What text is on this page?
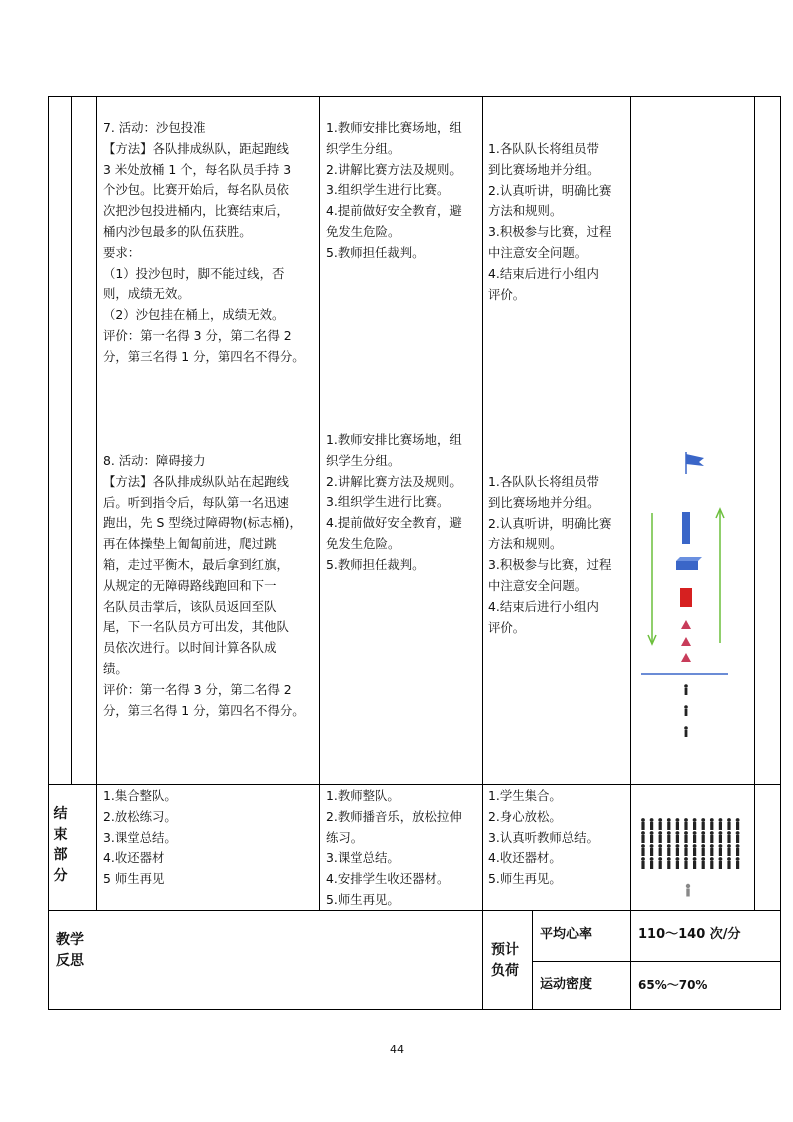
7. 活动：沙包投准
【方法】各队排成纵队，距起跑线
3 米处放桶 1 个，每名队员手持 3
个沙包。比赛开始后，每名队员依
次把沙包投进桶内，比赛结束后，
桶内沙包最多的队伍获胜。
要求：
（1）投沙包时，脚不能过线，否
则，成绩无效。
（2）沙包挂在桶上，成绩无效。
评价：第一名得 3 分，第二名得 2
分，第三名得 1 分，第四名不得分。
1.教师安排比赛场地，组
织学生分组。
2.讲解比赛方法及规则。
3.组织学生进行比赛。
4.提前做好安全教育，避
免发生危险。
5.教师担任裁判。
1.各队队长将组员带
到比赛场地并分组。
2.认真听讲，明确比赛
方法和规则。
3.积极参与比赛，过程
中注意安全问题。
4.结束后进行小组内
评价。
8. 活动：障碍接力
【方法】各队排成纵队站在起跑线
后。听到指令后，每队第一名迅速
跑出，先 S 型绕过障碍物(标志桶)，
再在体操垫上匍匐前进，爬过跳
箱，走过平衡木，最后拿到红旗，
从规定的无障碍路线跑回和下一
名队员击掌后，该队员返回至队
尾，下一名队员方可出发，其他队
员依次进行。以时间计算各队成
绩。
评价：第一名得 3 分，第二名得 2
分，第三名得 1 分，第四名不得分。
1.教师安排比赛场地，组
织学生分组。
2.讲解比赛方法及规则。
3.组织学生进行比赛。
4.提前做好安全教育，避
免发生危险。
5.教师担任裁判。
1.各队队长将组员带
到比赛场地并分组。
2.认真听讲，明确比赛
方法和规则。
3.积极参与比赛，过程
中注意安全问题。
4.结束后进行小组内
评价。
结
束
部
分
1.集合整队。
2.放松练习。
3.课堂总结。
4.收还器材
5 师生再见
1.教师整队。
2.教师播音乐，放松拉伸
练习。
3.课堂总结。
4.安排学生收还器材。
5.师生再见。
1.学生集合。
2.身心放松。
3.认真听教师总结。
4.收还器材。
5.师生再见。
教学
反思
预计
负荷
平均心率	110～140 次/分
运动密度	65%～70%
44
